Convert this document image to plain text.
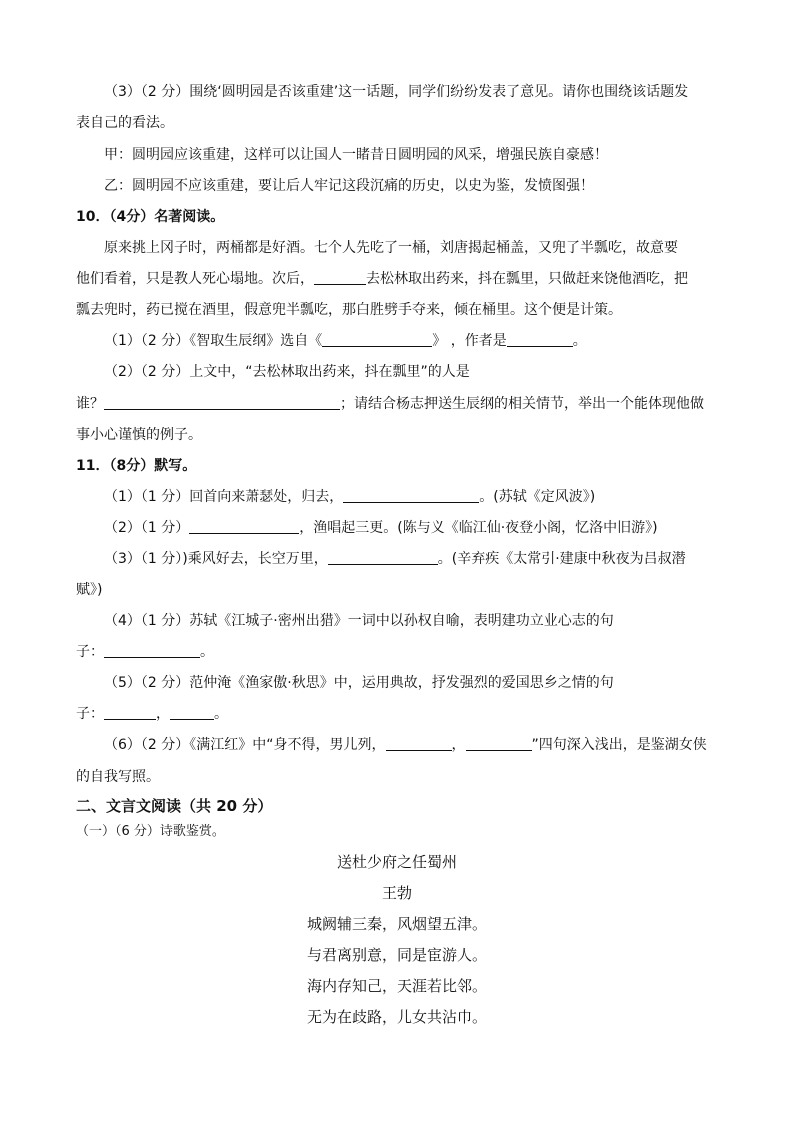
（3）（2 分）围绕‘圆明园是否该重建’这一话题，同学们纷纷发表了意见。请你也围绕该话题发
表自己的看法。
甲：圆明园应该重建，这样可以让国人一睹昔日圆明园的风采，增强民族自豪感！
乙：圆明园不应该重建，要让后人牢记这段沉痛的历史，以史为鉴，发愤图强！
10．（4分）名著阅读。
原来挑上冈子时，两桶都是好酒。七个人先吃了一桶，刘唐揭起桶盖，又兜了半瓢吃，故意要
他们看着，只是教人死心塌地。次后，	去松林取出药来，抖在瓢里，只做赶来饶他酒吃，把
瓢去兜时，药已搅在酒里，假意兜半瓢吃，那白胜劈手夺来，倾在桶里。这个便是计策。
（1）（2 分）《智取生辰纲》选自《	》 ，作者是	。
（2）（2 分）上文中，“去松林取出药来，抖在瓢里”的人是
谁？	；请结合杨志押送生辰纲的相关情节，举出一个能体现他做
事小心谨慎的例子。
11．（8分）默写。
（1）（1 分）回首向来萧瑟处，归去，	。(苏轼《定风波》)
（2）（1 分）	，渔唱起三更。(陈与义《临江仙·夜登小阁，忆洛中旧游》)
（3）（1 分）)乘风好去，长空万里，	。(辛弃疾《太常引·建康中秋夜为吕叔潜
赋》)
（4）（1 分）苏轼《江城子·密州出猎》一词中以孙权自喻，表明建功立业心志的句
子：	。
（5）（2 分）范仲淹《渔家傲·秋思》中，运用典故，抒发强烈的爱国思乡之情的句
子：	，	。
（6）（2 分）《满江红》中“身不得，男儿列，	，	”四句深入浅出，是鉴湖女侠
的自我写照。
二、文言文阅读（共 20 分）
（一）（6 分）诗歌鉴赏。
送杜少府之任蜀州
王勃
城阙辅三秦，风烟望五津。
与君离别意，同是宦游人。
海内存知己，天涯若比邻。
无为在歧路，儿女共沾巾。
